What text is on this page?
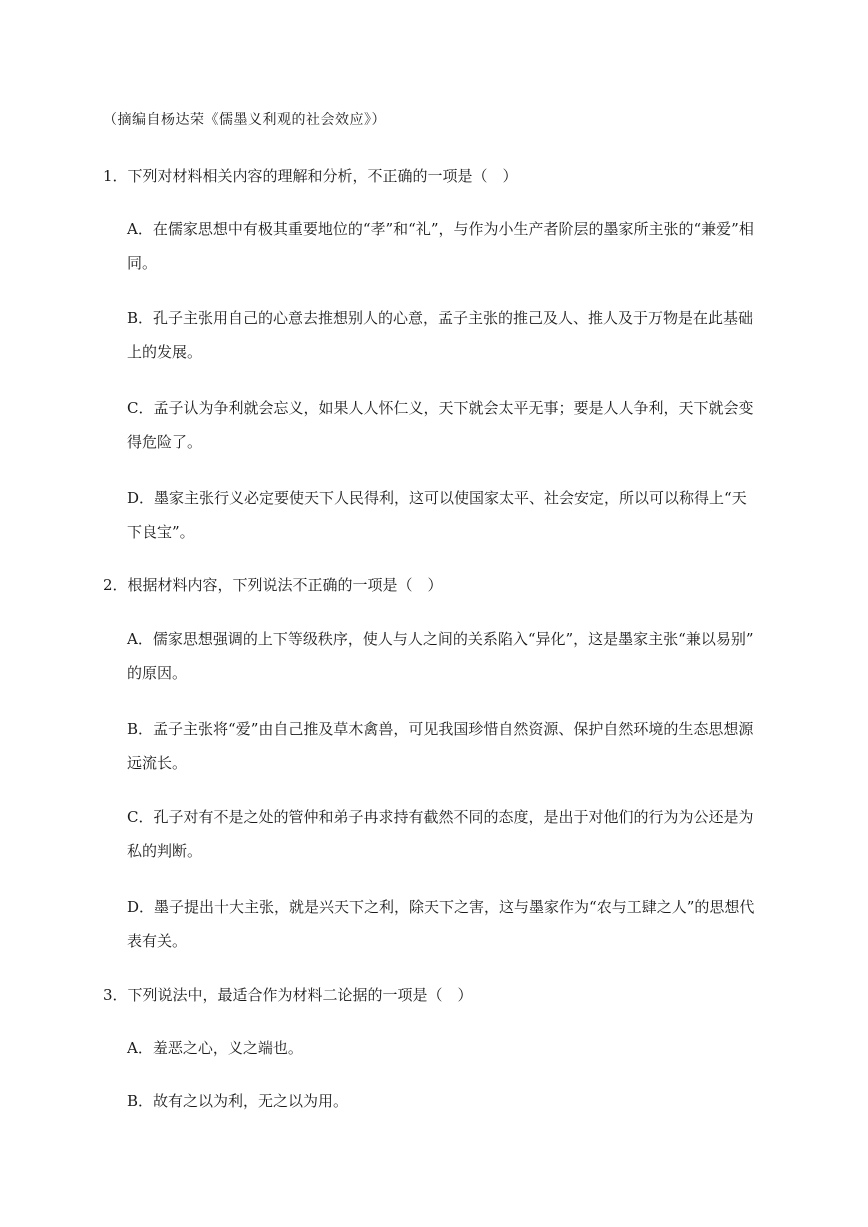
（摘编自杨达荣《儒墨义利观的社会效应》）
1．下列对材料相关内容的理解和分析，不正确的一项是（　）
A．在儒家思想中有极其重要地位的“孝”和“礼”，与作为小生产者阶层的墨家所主张的“兼爱”相
同。
B．孔子主张用自己的心意去推想别人的心意，孟子主张的推己及人、推人及于万物是在此基础
上的发展。
C．孟子认为争利就会忘义，如果人人怀仁义，天下就会太平无事；要是人人争利，天下就会变
得危险了。
D．墨家主张行义必定要使天下人民得利，这可以使国家太平、社会安定，所以可以称得上“天
下良宝”。
2．根据材料内容，下列说法不正确的一项是（　）
A．儒家思想强调的上下等级秩序，使人与人之间的关系陷入“异化”，这是墨家主张“兼以易别”
的原因。
B．孟子主张将“爱”由自己推及草木禽兽，可见我国珍惜自然资源、保护自然环境的生态思想源
远流长。
C．孔子对有不是之处的管仲和弟子冉求持有截然不同的态度，是出于对他们的行为为公还是为
私的判断。
D．墨子提出十大主张，就是兴天下之利，除天下之害，这与墨家作为“农与工肆之人”的思想代
表有关。
3．下列说法中，最适合作为材料二论据的一项是（　）
A．羞恶之心，义之端也。
B．故有之以为利，无之以为用。
